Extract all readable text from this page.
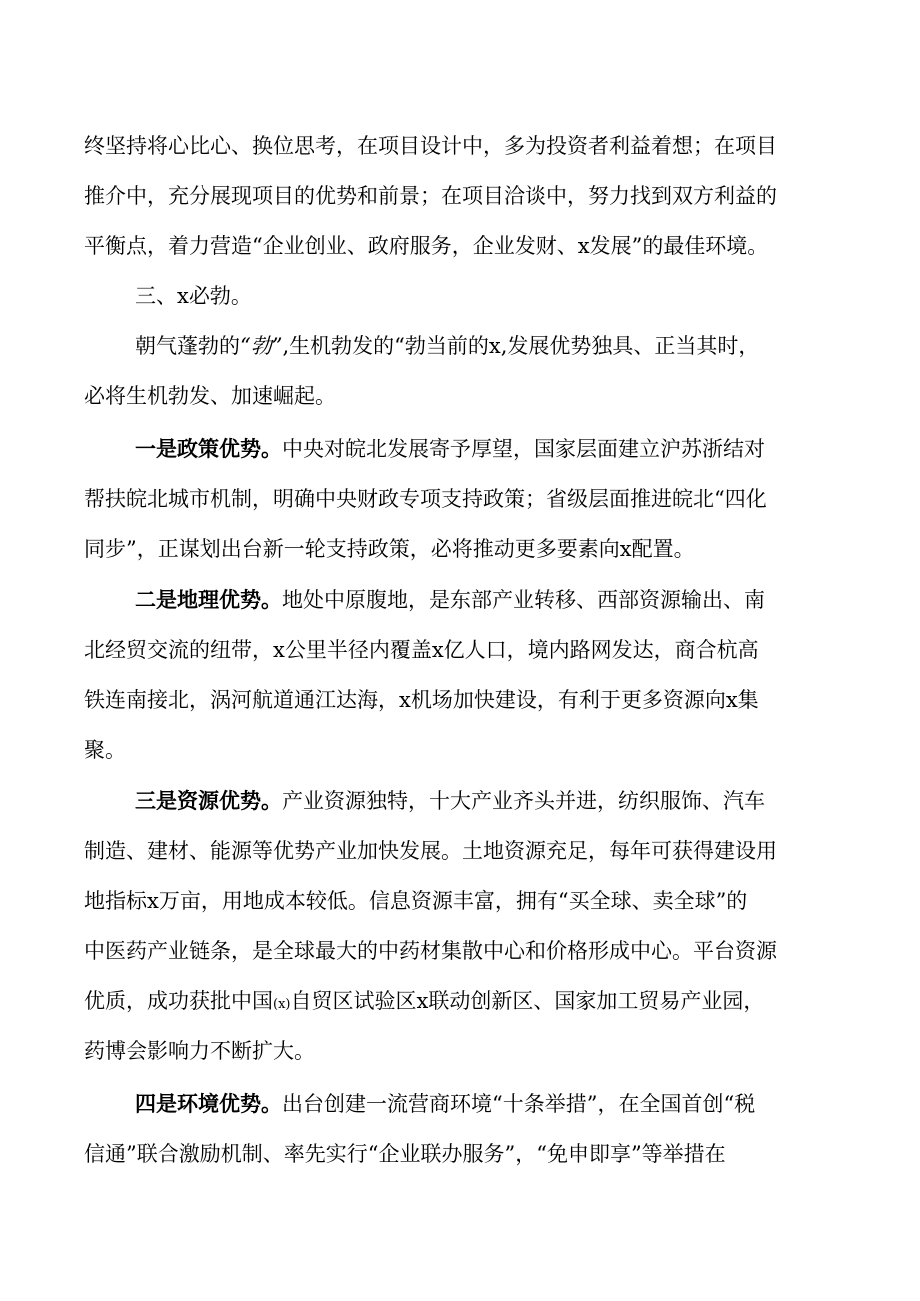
终坚持将心比心、换位思考，在项目设计中，多为投资者利益着想；在项目
推介中，充分展现项目的优势和前景；在项目洽谈中，努力找到双方利益的
平衡点，着力营造“企业创业、政府服务，企业发财、x发展”的最佳环境。
三、x必勃。
朝气蓬勃的“勃”,生机勃发的“勃当前的x,发展优势独具、正当其时，
必将生机勃发、加速崛起。
一是政策优势。中央对皖北发展寄予厚望，国家层面建立沪苏浙结对
帮扶皖北城市机制，明确中央财政专项支持政策；省级层面推进皖北“四化
同步”，正谋划出台新一轮支持政策，必将推动更多要素向x配置。
二是地理优势。地处中原腹地，是东部产业转移、西部资源输出、南
北经贸交流的纽带，x公里半径内覆盖x亿人口，境内路网发达，商合杭高
铁连南接北，涡河航道通江达海，x机场加快建设，有利于更多资源向x集
聚。
三是资源优势。产业资源独特，十大产业齐头并进，纺织服饰、汽车
制造、建材、能源等优势产业加快发展。土地资源充足，每年可获得建设用
地指标x万亩，用地成本较低。信息资源丰富，拥有“买全球、卖全球”的
中医药产业链条，是全球最大的中药材集散中心和价格形成中心。平台资源
优质，成功获批中国(x)自贸区试验区x联动创新区、国家加工贸易产业园，
药博会影响力不断扩大。
四是环境优势。出台创建一流营商环境“十条举措”，在全国首创“税
信通”联合激励机制、率先实行“企业联办服务”，“免申即享”等举措在
